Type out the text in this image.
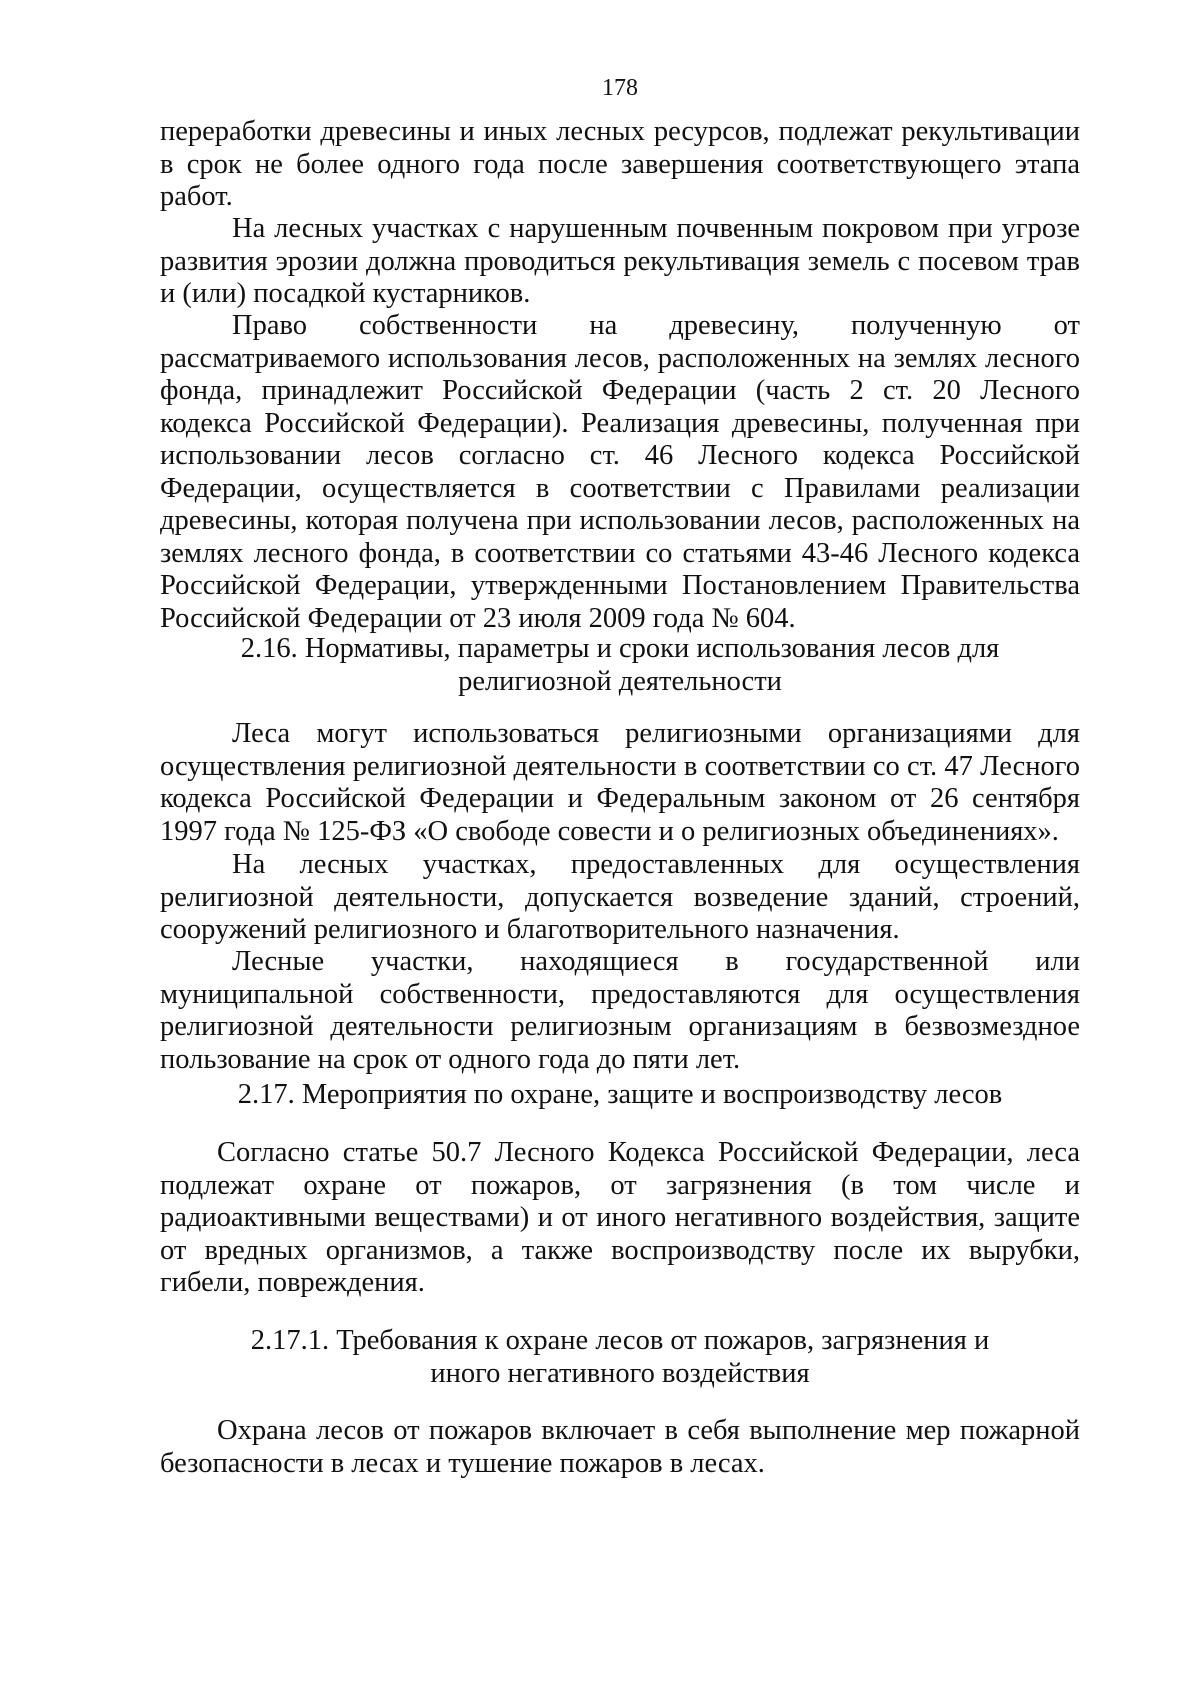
178

переработки древесины и иных лесных ресурсов, подлежат рекультивации в срок не более одного года после завершения соответствующего этапа работ.

На лесных участках с нарушенным почвенным покровом при угрозе развития эрозии должна проводиться рекультивация земель с посевом трав и (или) посадкой кустарников.

Право собственности на древесину, полученную от рассматриваемого использования лесов, расположенных на землях лесного фонда, принадлежит Российской Федерации (часть 2 ст. 20 Лесного кодекса Российской Федерации). Реализация древесины, полученная при использовании лесов согласно ст. 46 Лесного кодекса Российской Федерации, осуществляется в соответствии с Правилами реализации древесины, которая получена при использовании лесов, расположенных на землях лесного фонда, в соответствии со статьями 43-46 Лесного кодекса Российской Федерации, утвержденными Постановлением Правительства Российской Федерации от 23 июля 2009 года № 604.

2.16. Нормативы, параметры и сроки использования лесов для религиозной деятельности

Леса могут использоваться религиозными организациями для осуществления религиозной деятельности в соответствии со ст. 47 Лесного кодекса Российской Федерации и Федеральным законом от 26 сентября 1997 года № 125-ФЗ «О свободе совести и о религиозных объединениях».

На лесных участках, предоставленных для осуществления религиозной деятельности, допускается возведение зданий, строений, сооружений религиозного и благотворительного назначения.

Лесные участки, находящиеся в государственной или муниципальной собственности, предоставляются для осуществления религиозной деятельности религиозным организациям в безвозмездное пользование на срок от одного года до пяти лет.

2.17. Мероприятия по охране, защите и воспроизводству лесов

Согласно статье 50.7 Лесного Кодекса Российской Федерации, леса подлежат охране от пожаров, от загрязнения (в том числе и радиоактивными веществами) и от иного негативного воздействия, защите от вредных организмов, а также воспроизводству после их вырубки, гибели, повреждения.

2.17.1. Требования к охране лесов от пожаров, загрязнения и иного негативного воздействия

Охрана лесов от пожаров включает в себя выполнение мер пожарной безопасности в лесах и тушение пожаров в лесах.
